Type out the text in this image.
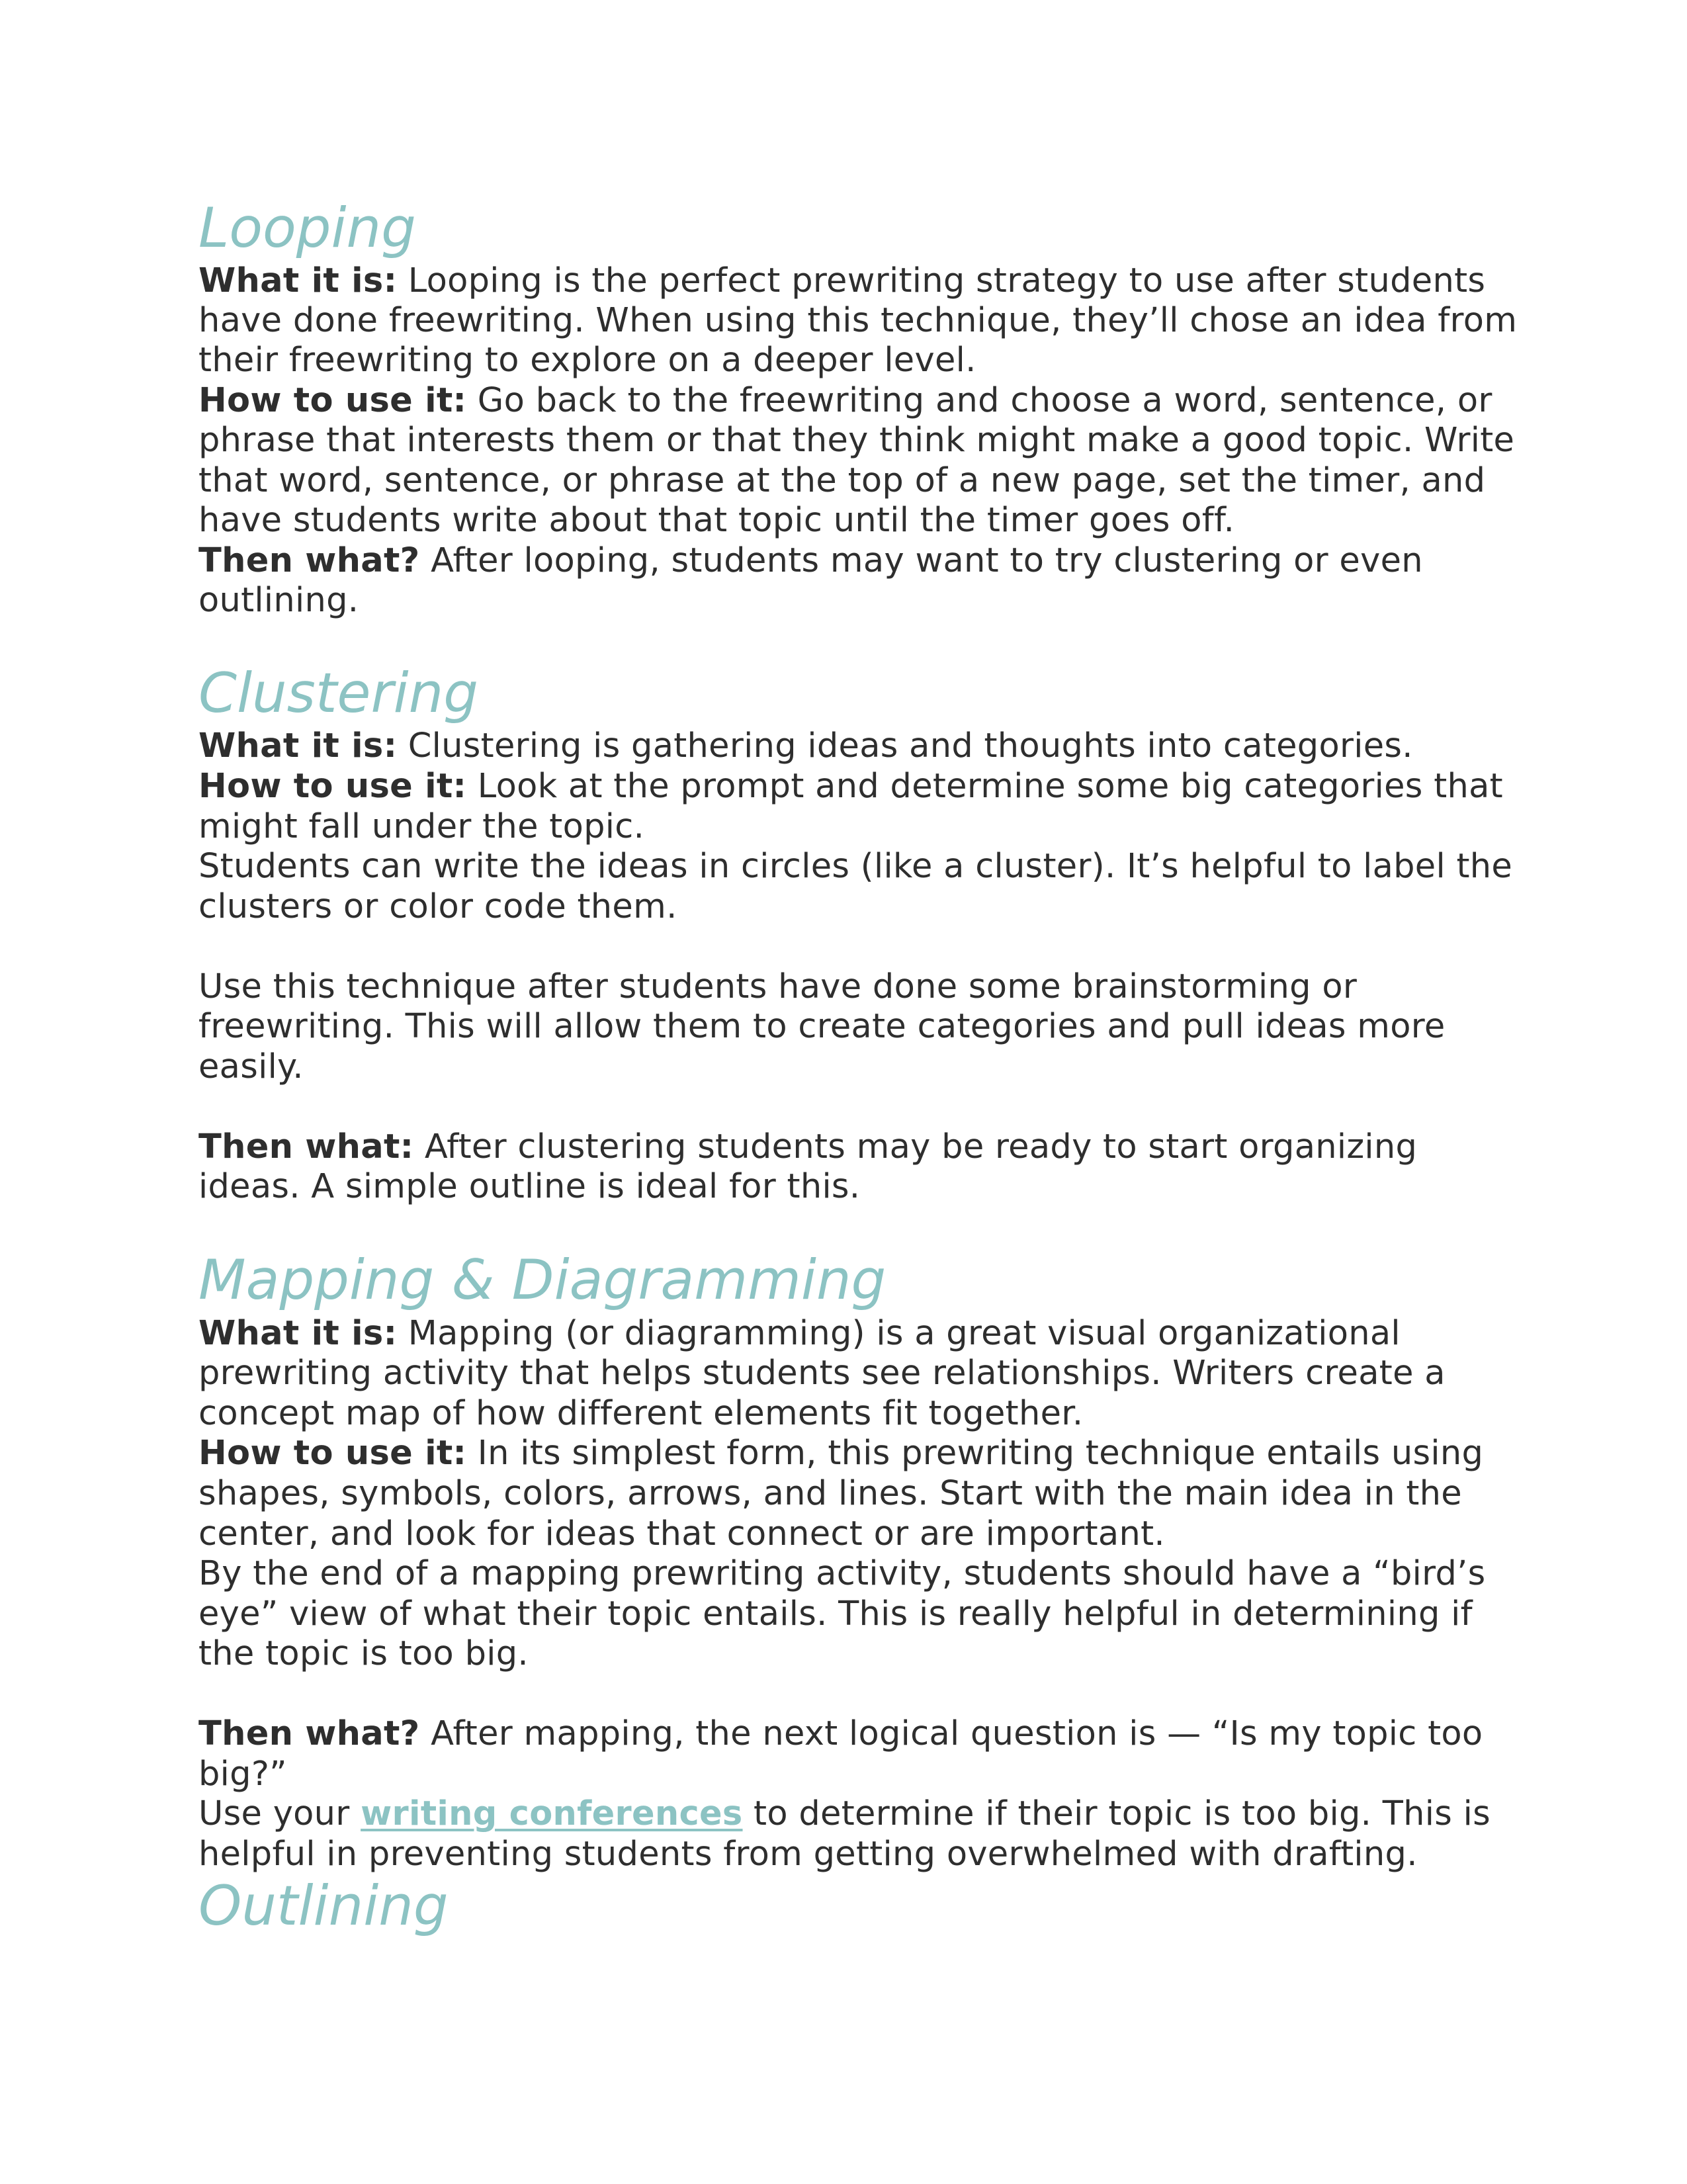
Looping

What it is: Looping is the perfect prewriting strategy to use after students

have done freewriting. When using this technique, they’ll chose an idea from

their freewriting to explore on a deeper level.

How to use it: Go back to the freewriting and choose a word, sentence, or

phrase that interests them or that they think might make a good topic. Write

that word, sentence, or phrase at the top of a new page, set the timer, and

have students write about that topic until the timer goes off.

Then what? After looping, students may want to try clustering or even

outlining.

Clustering

What it is: Clustering is gathering ideas and thoughts into categories.

How to use it: Look at the prompt and determine some big categories that

might fall under the topic.

Students can write the ideas in circles (like a cluster). It’s helpful to label the

clusters or color code them.

Use this technique after students have done some brainstorming or

freewriting. This will allow them to create categories and pull ideas more

easily.

Then what: After clustering students may be ready to start organizing

ideas. A simple outline is ideal for this.

Mapping & Diagramming

What it is: Mapping (or diagramming) is a great visual organizational

prewriting activity that helps students see relationships. Writers create a

concept map of how different elements fit together.

How to use it: In its simplest form, this prewriting technique entails using

shapes, symbols, colors, arrows, and lines. Start with the main idea in the

center, and look for ideas that connect or are important.

By the end of a mapping prewriting activity, students should have a “bird’s

eye” view of what their topic entails. This is really helpful in determining if

the topic is too big.

Then what? After mapping, the next logical question is — “Is my topic too

big?”

Use your writing conferences to determine if their topic is too big. This is

helpful in preventing students from getting overwhelmed with drafting.

Outlining
